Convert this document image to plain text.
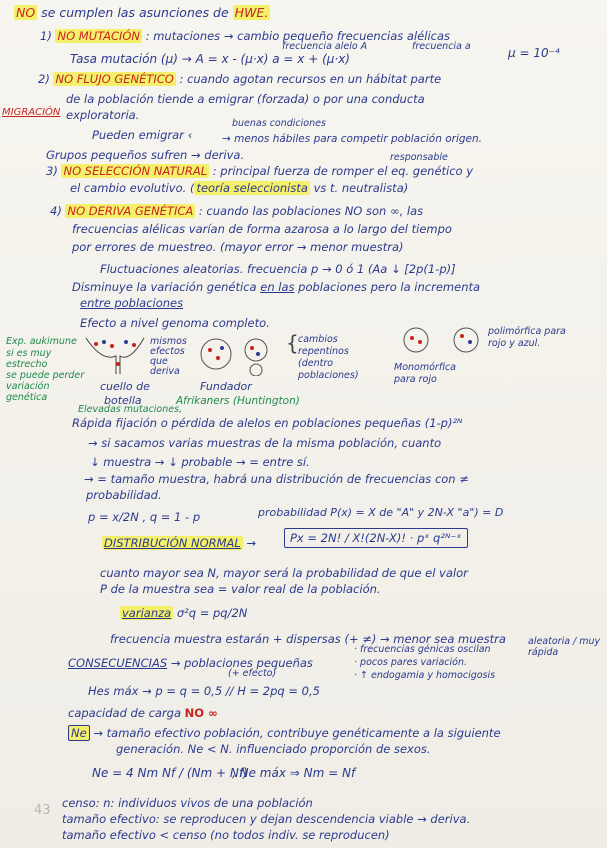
NO se cumplen las asunciones de HWE.
1) NO MUTACIÓN : mutaciones → cambio pequeño frecuencias alélicas
frecuencia alelo A	frecuencia a
Tasa mutación (μ) → A = x - (μ·x) a = x + (μ·x)	μ = 10⁻⁴
2) NO FLUJO GENÉTICO : cuando agotan recursos en un hábitat parte
de la población tiende a emigrar (forzada) o por una conducta
MIGRACIÓN exploratoria.
buenas condiciones
Pueden emigrar ‹	→ menos hábiles para competir población origen.
Grupos pequeños sufren → deriva.	responsable
3) NO SELECCIÓN NATURAL : principal fuerza de romper el eq. genético y
el cambio evolutivo. ( teoría seleccionista vs t. neutralista)
4) NO DERIVA GENÉTICA : cuando las poblaciones NO son ∞, las
frecuencias alélicas varían de forma azarosa a lo largo del tiempo
por errores de muestreo. (mayor error → menor muestra)
Fluctuaciones aleatorias. frecuencia p → 0 ó 1 (Aa ↓ [2p(1-p)]
Disminuye la variación genética en las poblaciones pero la incrementa
entre poblaciones
Efecto a nivel genoma completo.
Exp. aukimune
si es muy
estrecho
se puede perder
variación
genética
mismos
efectos
que
deriva
cuello de
botella
Fundador
Afrikaners (Huntington)
{ cambios
repentinos
(dentro
poblaciones)
polimórfica para
rojo y azul.
Monomórfica
para rojo
Elevadas mutaciones,
Rápida fijación o pérdida de alelos en poblaciones pequeñas (1-p)²ᴺ
→ si sacamos varias muestras de la misma población, cuanto
↓ muestra → ↓ probable → = entre sí.
→ = tamaño muestra, habrá una distribución de frecuencias con ≠
probabilidad.
p = x/2N , q = 1 - p	probabilidad P(x) = X de "A" y 2N-X "a") = D
DISTRIBUCIÓN NORMAL →	Px = 2N! / X!(2N-X)! · pˣ q²ᴺ⁻ˣ
cuanto mayor sea N, mayor será la probabilidad de que el valor
P de la muestra sea = valor real de la población.
varianza σ²q = pq/2N
frecuencia muestra estarán + dispersas (+ ≠) → menor sea muestra
CONSECUENCIAS → poblaciones pequeñas
(+ efecto)
· frecuencias génicas oscilan
aleatoria / muy rápida
· pocos pares variación.
· ↑ endogamia y homocigosis
Hes máx → p = q = 0,5 // H = 2pq = 0,5
capacidad de carga NO ∞
Ne → tamaño efectivo población, contribuye genéticamente a la siguiente
generación. Ne < N. influenciado proporción de sexos.
Ne = 4 Nm Nf / (Nm + Nf)
, Ne máx ⇒ Nm = Nf
43 censo: n: individuos vivos de una población
tamaño efectivo: se reproducen y dejan descendencia viable → deriva.
tamaño efectivo < censo (no todos indiv. se reproducen)
